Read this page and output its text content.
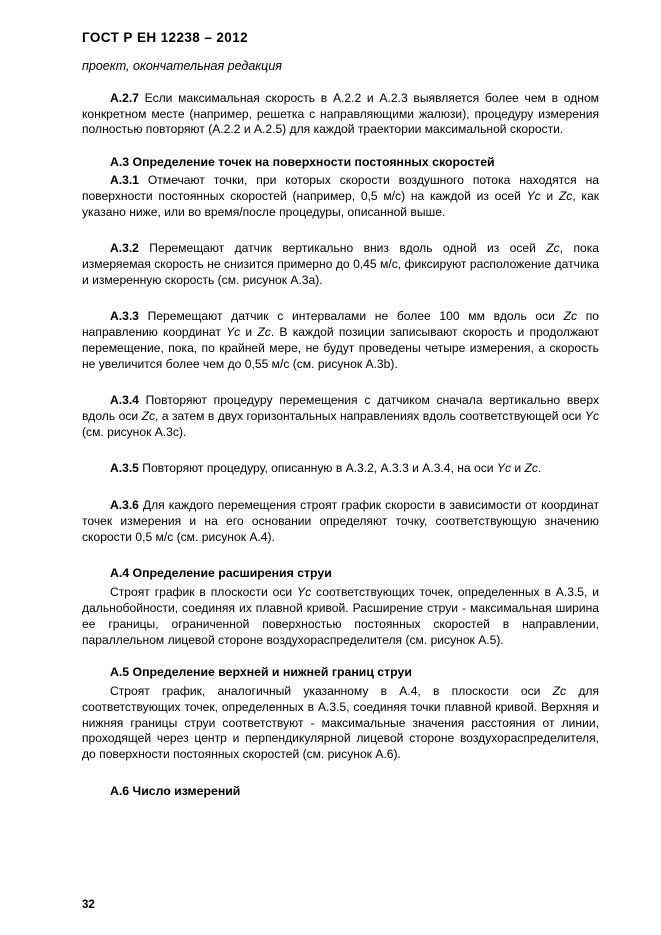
ГОСТ Р ЕН 12238 – 2012
проект, окончательная редакция

А.2.7 Если максимальная скорость в А.2.2 и А.2.3 выявляется более чем в одном конкретном месте (например, решетка с направляющими жалюзи), процедуру измерения полностью повторяют (А.2.2 и А.2.5) для каждой траектории максимальной скорости.

А.3 Определение точек на поверхности постоянных скоростей

А.3.1 Отмечают точки, при которых скорости воздушного потока находятся на поверхности постоянных скоростей (например, 0,5 м/с) на каждой из осей Yc и Zc, как указано ниже, или во время/после процедуры, описанной выше.

А.3.2 Перемещают датчик вертикально вниз вдоль одной из осей Zc, пока измеряемая скорость не снизится примерно до 0,45 м/с, фиксируют расположение датчика и измеренную скорость (см. рисунок А.3а).

А.3.3 Перемещают датчик с интервалами не более 100 мм вдоль оси Zc по направлению координат Yc и Zc. В каждой позиции записывают скорость и продолжают перемещение, пока, по крайней мере, не будут проведены четыре измерения, а скорость не увеличится более чем до 0,55 м/с (см. рисунок А.3b).

А.3.4 Повторяют процедуру перемещения с датчиком сначала вертикально вверх вдоль оси Zc, а затем в двух горизонтальных направлениях вдоль соответствующей оси Yc (см. рисунок А.3с).

А.3.5 Повторяют процедуру, описанную в А.3.2, А.3.3 и А.3.4, на оси Yc и Zc.

А.3.6 Для каждого перемещения строят график скорости в зависимости от координат точек измерения и на его основании определяют точку, соответствующую значению скорости 0,5 м/с (см. рисунок А.4).

А.4 Определение расширения струи

Строят график в плоскости оси Yc соответствующих точек, определенных в А.3.5, и дальнобойности, соединяя их плавной кривой. Расширение струи - максимальная ширина ее границы, ограниченной поверхностью постоянных скоростей в направлении, параллельном лицевой стороне воздухораспределителя (см. рисунок А.5).

А.5 Определение верхней и нижней границ струи

Строят график, аналогичный указанному в А.4, в плоскости оси Zc для соответствующих точек, определенных в А.3.5, соединяя точки плавной кривой. Верхняя и нижняя границы струи соответствуют - максимальные значения расстояния от линии, проходящей через центр и перпендикулярной лицевой стороне воздухораспределителя, до поверхности постоянных скоростей (см. рисунок А.6).

А.6 Число измерений

32
